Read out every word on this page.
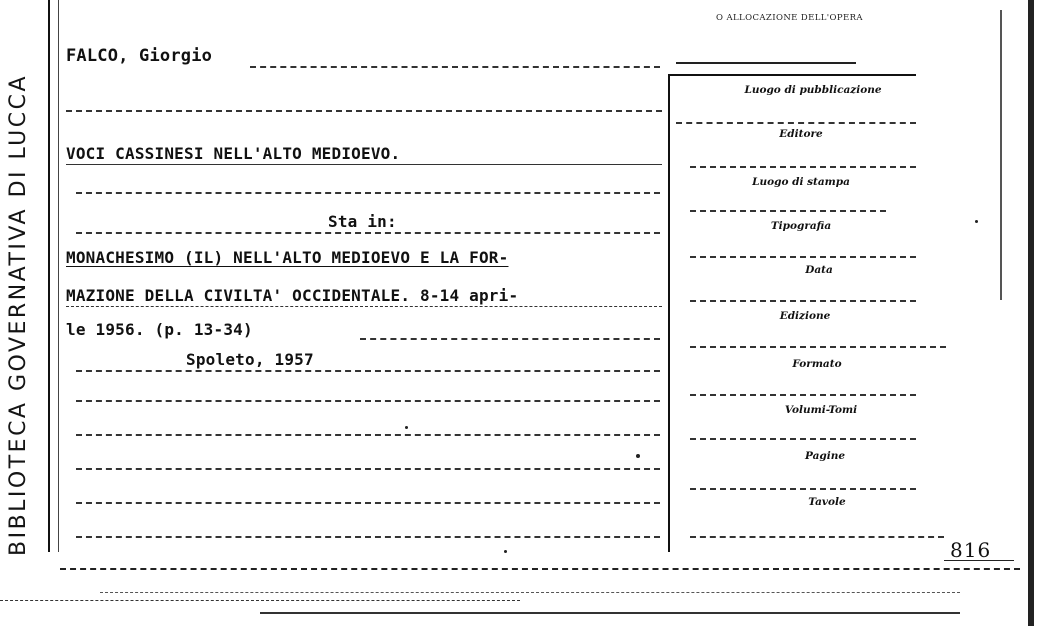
BIBLIOTECA GOVERNATIVA DI LUCCA
O ALLOCAZIONE DELL'OPERA
FALCO, Giorgio
VOCI CASSINESI NELL'ALTO MEDIOEVO.
Sta in:
MONACHESIMO (IL) NELL'ALTO MEDIOEVO E LA FOR-
MAZIONE DELLA CIVILTA' OCCIDENTALE. 8-14 apri-
le 1956. (p. 13-34)
Spoleto, 1957
Luogo di pubblicazione
Editore
Luogo di stampa
Tipografia
Data
Edizione
Formato
Volumi-Tomi
Pagine
Tavole
816
